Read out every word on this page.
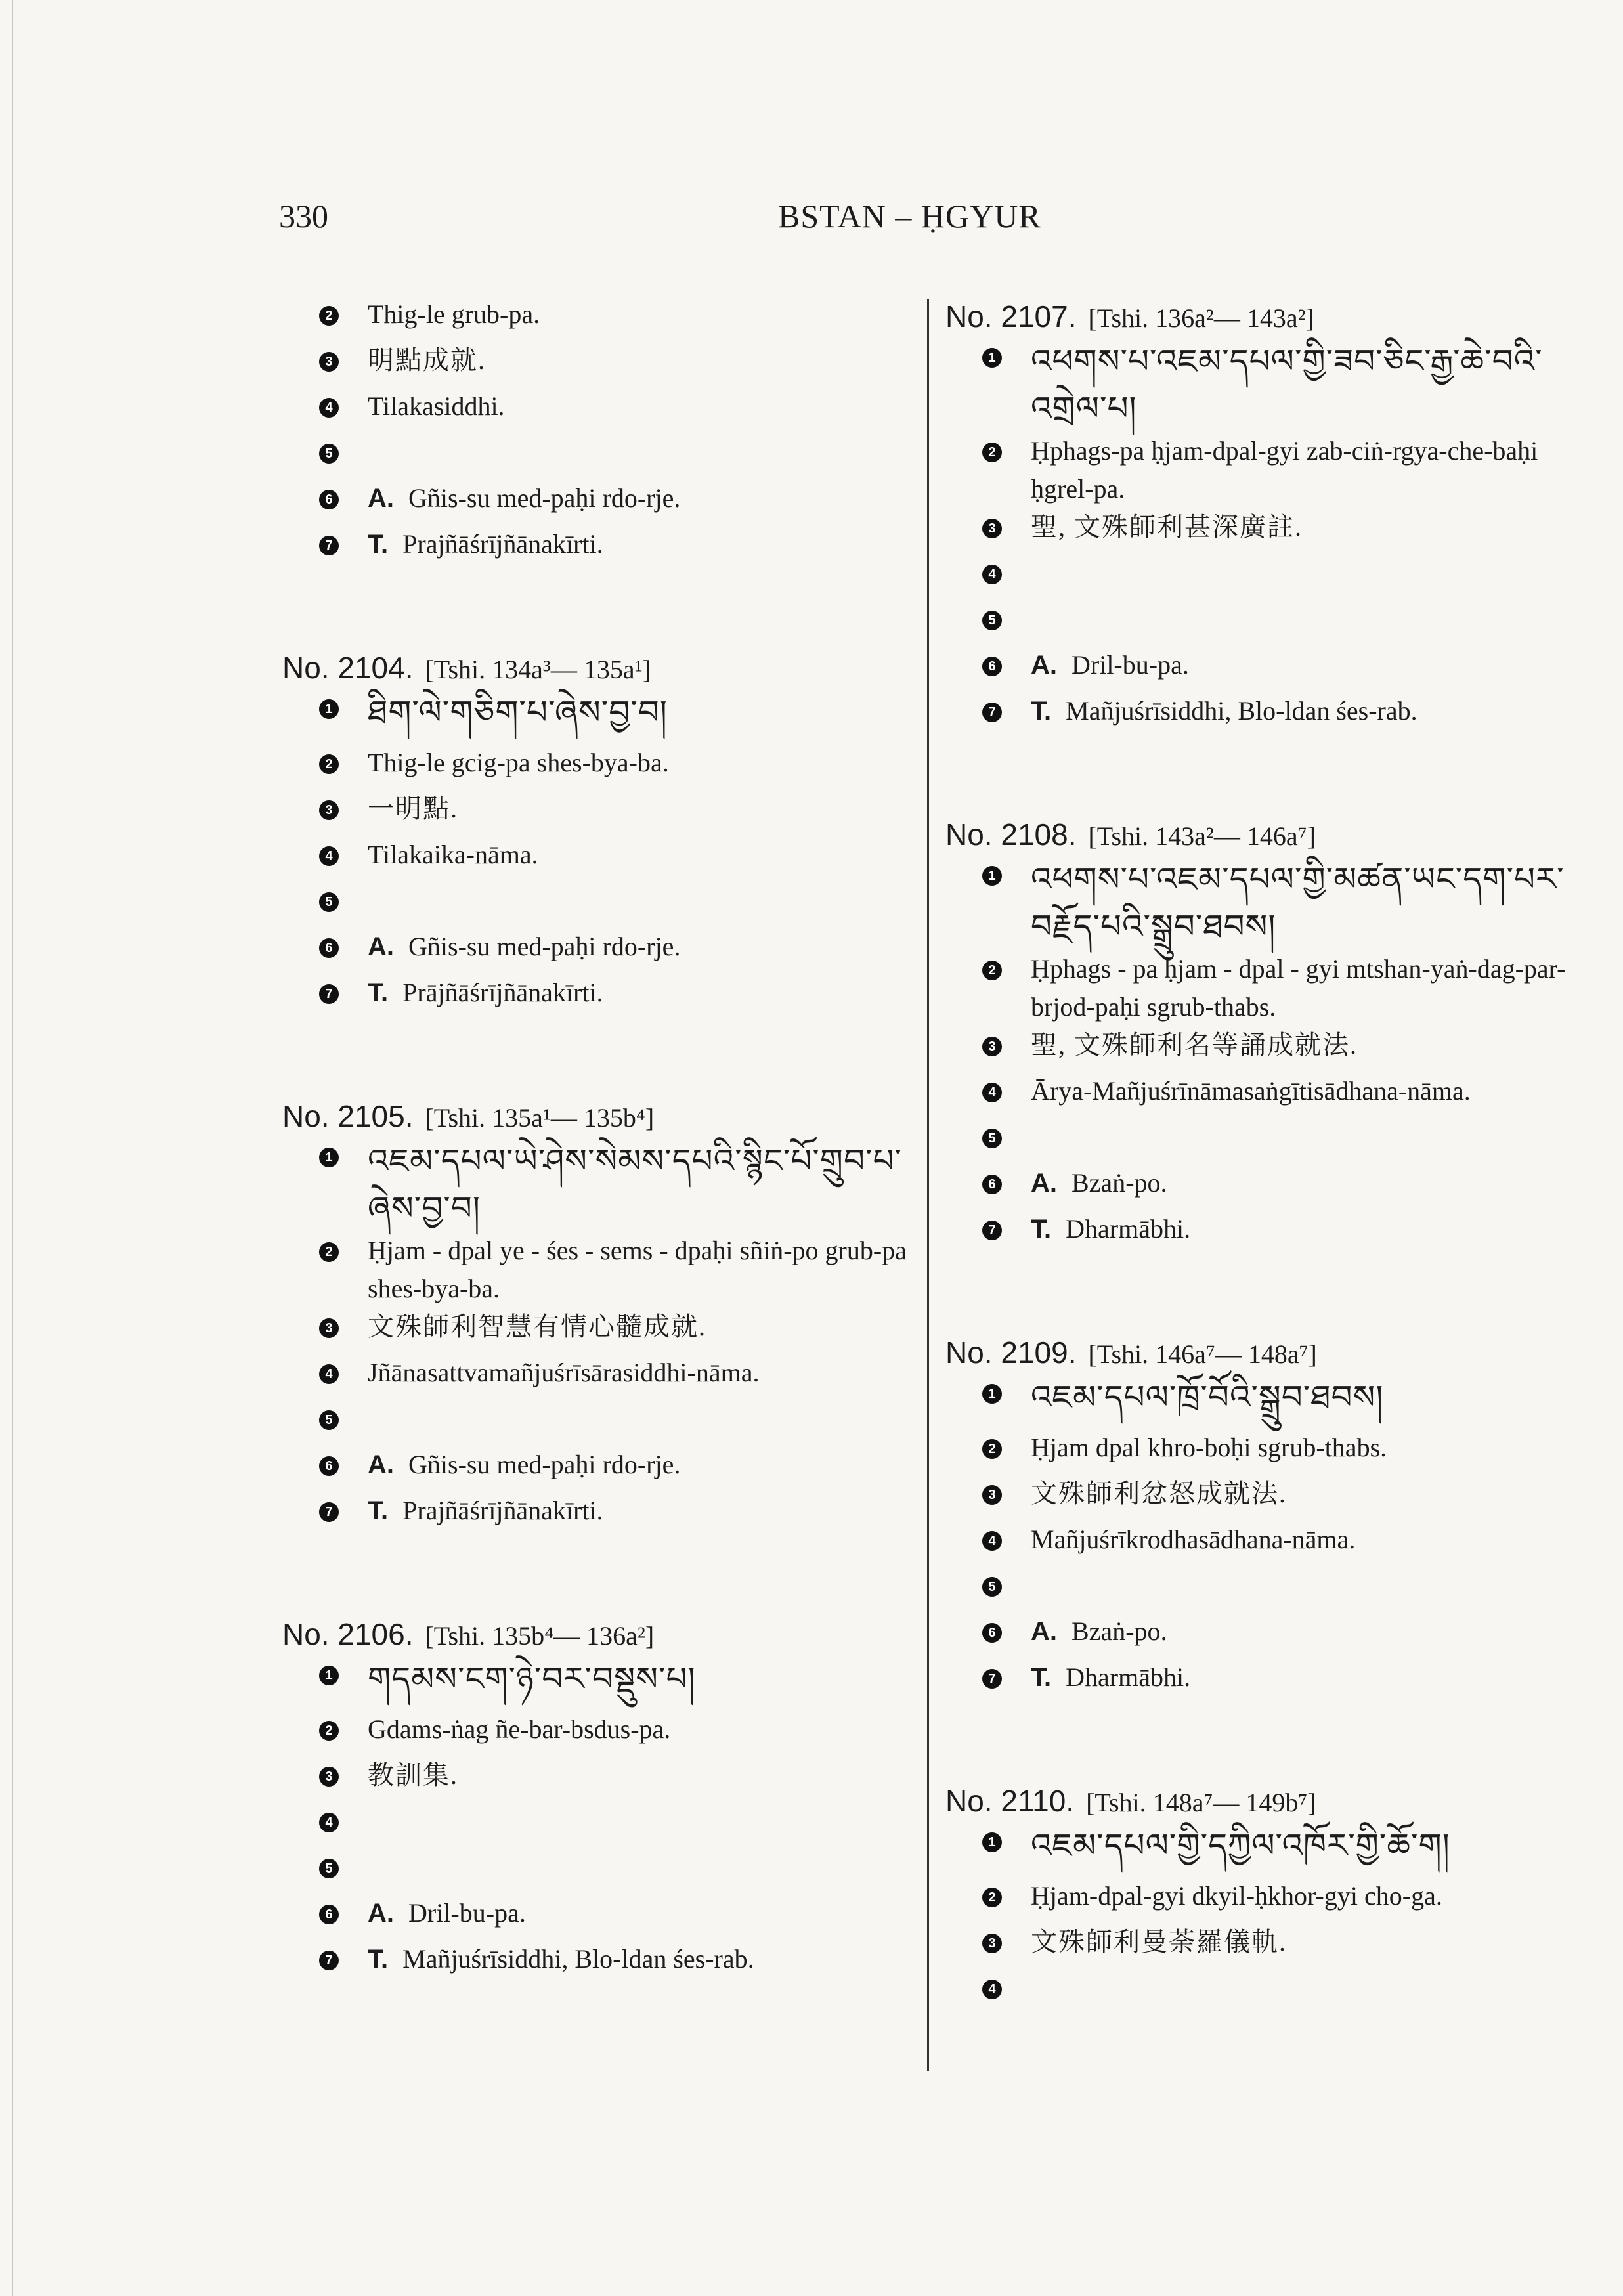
330	BSTAN – ḤGYUR
2 Thig-le grub-pa.
3 明點成就.
4 Tilakasiddhi.
5
6 A. Gñis-su med-paḥi rdo-rje.
7 T. Prajñāśrījñānakīrti.
No. 2104. [Tshi. 134a³— 135a¹]
1 ཐིག་ལེ་གཅིག་པ་ཞེས་བྱ་བ།
2 Thig-le gcig-pa shes-bya-ba.
3 一明點.
4 Tilakaika-nāma.
5
6 A. Gñis-su med-paḥi rdo-rje.
7 T. Prājñāśrījñānakīrti.
No. 2105. [Tshi. 135a¹— 135b⁴]
1 འཇམ་དཔལ་ཡེ་ཤེས་སེམས་དཔའི་སྙིང་པོ་གྲུབ་པ་ཞེས་བྱ་བ།
2 Ḥjam - dpal ye - śes - sems - dpaḥi sñiṅ-po grub-pa shes-bya-ba.
3 文殊師利智慧有情心髓成就.
4 Jñānasattvamañjuśrīsārasiddhi-nāma.
5
6 A. Gñis-su med-paḥi rdo-rje.
7 T. Prajñāśrījñānakīrti.
No. 2106. [Tshi. 135b⁴— 136a²]
1 གདམས་ངག་ཉེ་བར་བསྡུས་པ།
2 Gdams-ṅag ñe-bar-bsdus-pa.
3 教訓集.
4
5
6 A. Dril-bu-pa.
7 T. Mañjuśrīsiddhi, Blo-ldan śes-rab.
No. 2107. [Tshi. 136a²— 143a²]
1 འཕགས་པ་འཇམ་དཔལ་གྱི་ཟབ་ཅིང་རྒྱ་ཆེ་བའི་འགྲེལ་པ།
2 Ḥphags-pa ḥjam-dpal-gyi zab-ciṅ-rgya-che-baḥi ḥgrel-pa.
3 聖, 文殊師利甚深廣註.
4
5
6 A. Dril-bu-pa.
7 T. Mañjuśrīsiddhi, Blo-ldan śes-rab.
No. 2108. [Tshi. 143a²— 146a⁷]
1 འཕགས་པ་འཇམ་དཔལ་གྱི་མཚན་ཡང་དག་པར་བརྗོད་པའི་སྒྲུབ་ཐབས།
2 Ḥphags - pa ḥjam - dpal - gyi mtshan-yaṅ-dag-par-brjod-paḥi sgrub-thabs.
3 聖, 文殊師利名等誦成就法.
4 Ārya-Mañjuśrīnāmasaṅgītisādhana-nāma.
5
6 A. Bzaṅ-po.
7 T. Dharmābhi.
No. 2109. [Tshi. 146a⁷— 148a⁷]
1 འཇམ་དཔལ་ཁྲོ་བོའི་སྒྲུབ་ཐབས།
2 Ḥjam dpal khro-boḥi sgrub-thabs.
3 文殊師利忿怒成就法.
4 Mañjuśrīkrodhasādhana-nāma.
5
6 A. Bzaṅ-po.
7 T. Dharmābhi.
No. 2110. [Tshi. 148a⁷— 149b⁷]
1 འཇམ་དཔལ་གྱི་དཀྱིལ་འཁོར་གྱི་ཆོ་ག།
2 Ḥjam-dpal-gyi dkyil-ḥkhor-gyi cho-ga.
3 文殊師利曼荼羅儀軌.
4
